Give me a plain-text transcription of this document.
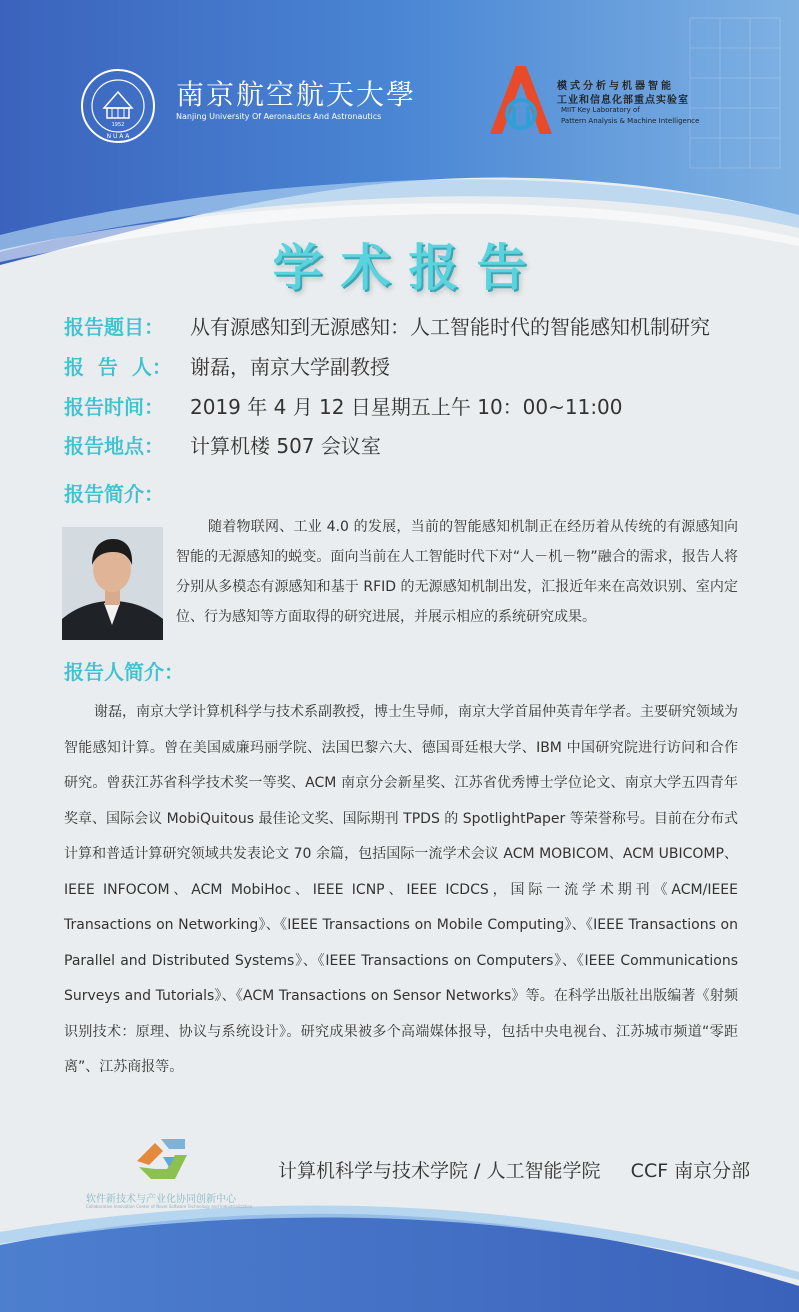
1952
N U A A
南京航空航天大學
Nanjing University Of Aeronautics And Astronautics
模式分析与机器智能
工业和信息化部重点实验室
MIIT Key Laboratory of
Pattern Analysis & Machine Intelligence
学术报告
报告题目： 从有源感知到无源感知：人工智能时代的智能感知机制研究
报  告  人： 谢磊，南京大学副教授
报告时间： 2019 年 4 月 12 日星期五上午 10：00~11:00
报告地点： 计算机楼 507 会议室
报告简介：
随着物联网、工业 4.0 的发展，当前的智能感知机制正在经历着从传统的有源感知向智能的无源感知的蜕变。面向当前在人工智能时代下对“人－机－物”融合的需求，报告人将分别从多模态有源感知和基于 RFID 的无源感知机制出发，汇报近年来在高效识别、室内定位、行为感知等方面取得的研究进展，并展示相应的系统研究成果。
报告人简介：
谢磊，南京大学计算机科学与技术系副教授，博士生导师，南京大学首届仲英青年学者。主要研究领域为智能感知计算。曾在美国威廉玛丽学院、法国巴黎六大、德国哥廷根大学、IBM 中国研究院进行访问和合作研究。曾获江苏省科学技术奖一等奖、ACM 南京分会新星奖、江苏省优秀博士学位论文、南京大学五四青年奖章、国际会议 MobiQuitous 最佳论文奖、国际期刊 TPDS 的 SpotlightPaper 等荣誉称号。目前在分布式计算和普适计算研究领域共发表论文 70 余篇，包括国际一流学术会议 ACM MOBICOM、ACM UBICOMP、IEEE INFOCOM、ACM MobiHoc、IEEE ICNP、IEEE ICDCS，国际一流学术期刊《ACM/IEEE Transactions on Networking》、《IEEE Transactions on Mobile Computing》、《IEEE Transactions on Parallel and Distributed Systems》、《IEEE Transactions on Computers》、《IEEE Communications Surveys and Tutorials》、《ACM Transactions on Sensor Networks》等。在科学出版社出版编著《射频识别技术：原理、协议与系统设计》。研究成果被多个高端媒体报导，包括中央电视台、江苏城市频道“零距离”、江苏商报等。
软件新技术与产业化协同创新中心
Collaborative Innovation Center of Novel Software Technology and Industrialization
计算机科学与技术学院 / 人工智能学院     CCF 南京分部
